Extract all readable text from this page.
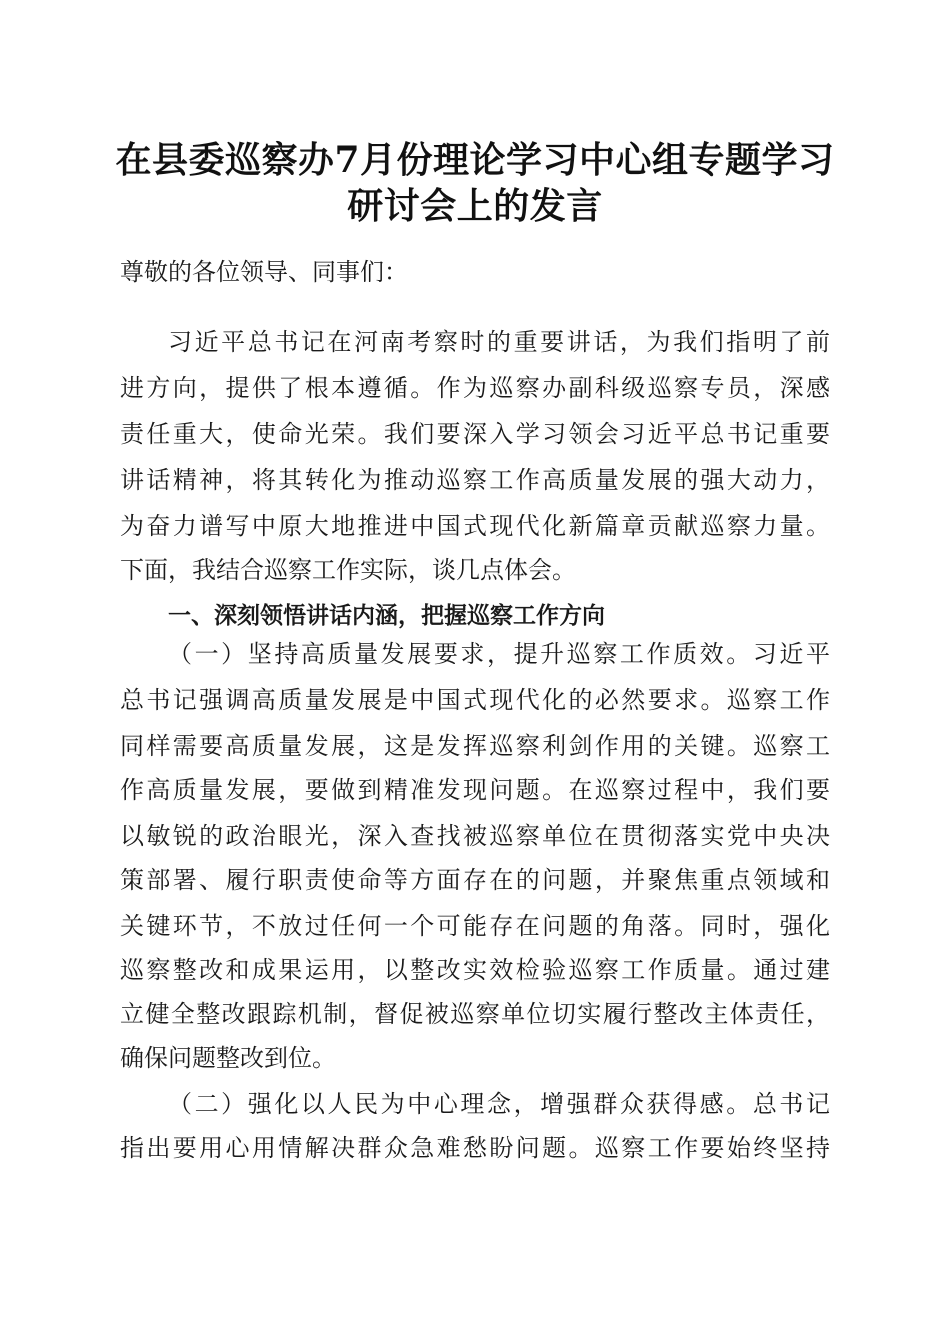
在县委巡察办7月份理论学习中心组专题学习
研讨会上的发言
尊敬的各位领导、同事们：
习近平总书记在河南考察时的重要讲话，为我们指明了前
进方向，提供了根本遵循。作为巡察办副科级巡察专员，深感
责任重大，使命光荣。我们要深入学习领会习近平总书记重要
讲话精神，将其转化为推动巡察工作高质量发展的强大动力，
为奋力谱写中原大地推进中国式现代化新篇章贡献巡察力量。
下面，我结合巡察工作实际，谈几点体会。
一、深刻领悟讲话内涵，把握巡察工作方向
（一）坚持高质量发展要求，提升巡察工作质效。习近平
总书记强调高质量发展是中国式现代化的必然要求。巡察工作
同样需要高质量发展，这是发挥巡察利剑作用的关键。巡察工
作高质量发展，要做到精准发现问题。在巡察过程中，我们要
以敏锐的政治眼光，深入查找被巡察单位在贯彻落实党中央决
策部署、履行职责使命等方面存在的问题，并聚焦重点领域和
关键环节，不放过任何一个可能存在问题的角落。同时，强化
巡察整改和成果运用，以整改实效检验巡察工作质量。通过建
立健全整改跟踪机制，督促被巡察单位切实履行整改主体责任，
确保问题整改到位。
（二）强化以人民为中心理念，增强群众获得感。总书记
指出要用心用情解决群众急难愁盼问题。巡察工作要始终坚持
